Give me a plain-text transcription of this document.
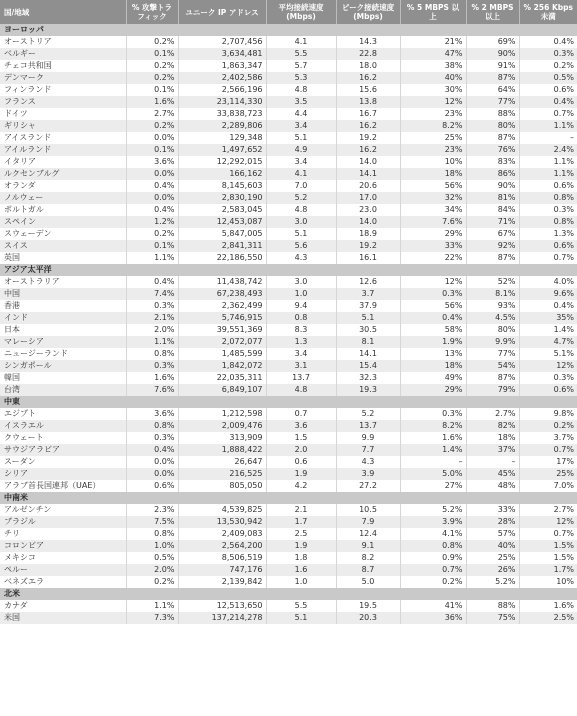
国/地域	% 攻撃トラフィック	ユニーク IP アドレス	平均接続速度 (Mbps)	ピーク接続速度 (Mbps)	% 5 MBPS 以上	% 2 MBPS 以上	% 256 Kbps 未満
ヨーロッパ							
オーストリア	0.2%	2,707,456	4.1	14.3	21%	69%	0.4%
ベルギー	0.1%	3,634,481	5.5	22.8	47%	90%	0.3%
チェコ共和国	0.2%	1,863,347	5.7	18.0	38%	91%	0.2%
デンマーク	0.2%	2,402,586	5.3	16.2	40%	87%	0.5%
フィンランド	0.1%	2,566,196	4.8	15.6	30%	64%	0.6%
フランス	1.6%	23,114,330	3.5	13.8	12%	77%	0.4%
ドイツ	2.7%	33,838,723	4.4	16.7	23%	88%	0.7%
ギリシャ	0.2%	2,289,806	3.4	16.2	8.2%	80%	1.1%
アイスランド	0.0%	129,348	5.1	19.2	25%	87%	–
アイルランド	0.1%	1,497,652	4.9	16.2	23%	76%	2.4%
イタリア	3.6%	12,292,015	3.4	14.0	10%	83%	1.1%
ルクセンブルグ	0.0%	166,162	4.1	14.1	18%	86%	1.1%
オランダ	0.4%	8,145,603	7.0	20.6	56%	90%	0.6%
ノルウェー	0.0%	2,830,190	5.2	17.0	32%	81%	0.8%
ポルトガル	0.4%	2,583,045	4.8	23.0	34%	84%	0.3%
スペイン	1.2%	12,453,087	3.0	14.0	7.6%	71%	0.8%
スウェーデン	0.2%	5,847,005	5.1	18.9	29%	67%	1.3%
スイス	0.1%	2,841,311	5.6	19.2	33%	92%	0.6%
英国	1.1%	22,186,550	4.3	16.1	22%	87%	0.7%
アジア太平洋							
オーストラリア	0.4%	11,438,742	3.0	12.6	12%	52%	4.0%
中国	7.4%	67,238,493	1.0	3.7	0.3%	8.1%	9.6%
香港	0.3%	2,362,499	9.4	37.9	56%	93%	0.4%
インド	2.1%	5,746,915	0.8	5.1	0.4%	4.5%	35%
日本	2.0%	39,551,369	8.3	30.5	58%	80%	1.4%
マレーシア	1.1%	2,072,077	1.3	8.1	1.9%	9.9%	4.7%
ニュージーランド	0.8%	1,485,599	3.4	14.1	13%	77%	5.1%
シンガポール	0.3%	1,842,072	3.1	15.4	18%	54%	12%
韓国	1.6%	22,035,311	13.7	32.3	49%	87%	0.3%
台湾	7.6%	6,849,107	4.8	19.3	29%	79%	0.6%
中東							
エジプト	3.6%	1,212,598	0.7	5.2	0.3%	2.7%	9.8%
イスラエル	0.8%	2,009,476	3.6	13.7	8.2%	82%	0.2%
クウェート	0.3%	313,909	1.5	9.9	1.6%	18%	3.7%
サウジアラビア	0.4%	1,888,422	2.0	7.7	1.4%	37%	0.7%
スーダン	0.0%	26,647	0.6	4.3	–	–	17%
シリア	0.0%	216,525	1.9	3.9	5.0%	45%	25%
アラブ首長国連邦（UAE）	0.6%	805,050	4.2	27.2	27%	48%	7.0%
中南米							
アルゼンチン	2.3%	4,539,825	2.1	10.5	5.2%	33%	2.7%
ブラジル	7.5%	13,530,942	1.7	7.9	3.9%	28%	12%
チリ	0.8%	2,409,083	2.5	12.4	4.1%	57%	0.7%
コロンビア	1.0%	2,564,200	1.9	9.1	0.8%	40%	1.5%
メキシコ	0.5%	8,506,519	1.8	8.2	0.9%	25%	1.5%
ペルー	2.0%	747,176	1.6	8.7	0.7%	26%	1.7%
ベネズエラ	0.2%	2,139,842	1.0	5.0	0.2%	5.2%	10%
北米							
カナダ	1.1%	12,513,650	5.5	19.5	41%	88%	1.6%
米国	7.3%	137,214,278	5.1	20.3	36%	75%	2.5%
